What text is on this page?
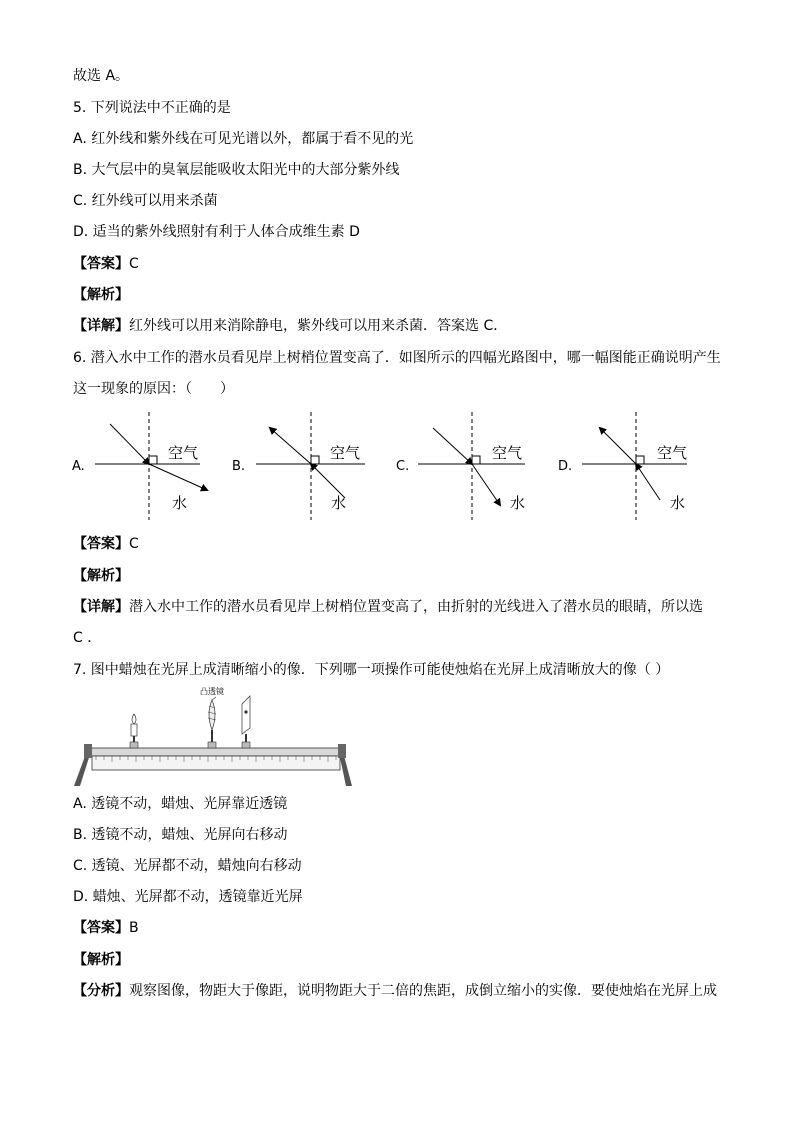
故选 A。
5. 下列说法中不正确的是
A. 红外线和紫外线在可见光谱以外，都属于看不见的光
B. 大气层中的臭氧层能吸收太阳光中的大部分紫外线
C. 红外线可以用来杀菌
D. 适当的紫外线照射有利于人体合成维生素 D
【答案】C
【解析】
【详解】红外线可以用来消除静电，紫外线可以用来杀菌．答案选 C．
6. 潜入水中工作的潜水员看见岸上树梢位置变高了．如图所示的四幅光路图中，哪一幅图能正确说明产生
这一现象的原因：（　　）
A.
空气
水
B.
空气
水
C.
空气
水
D.
空气
水
【答案】C
【解析】
【详解】潜入水中工作的潜水员看见岸上树梢位置变高了，由折射的光线进入了潜水员的眼睛，所以选
C ．
7. 图中蜡烛在光屏上成清晰缩小的像．下列哪一项操作可能使烛焰在光屏上成清晰放大的像（ ）
凸透镜
A. 透镜不动，蜡烛、光屏靠近透镜
B. 透镜不动，蜡烛、光屏向右移动
C. 透镜、光屏都不动，蜡烛向右移动
D. 蜡烛、光屏都不动，透镜靠近光屏
【答案】B
【解析】
【分析】观察图像，物距大于像距，说明物距大于二倍的焦距，成倒立缩小的实像．要使烛焰在光屏上成
